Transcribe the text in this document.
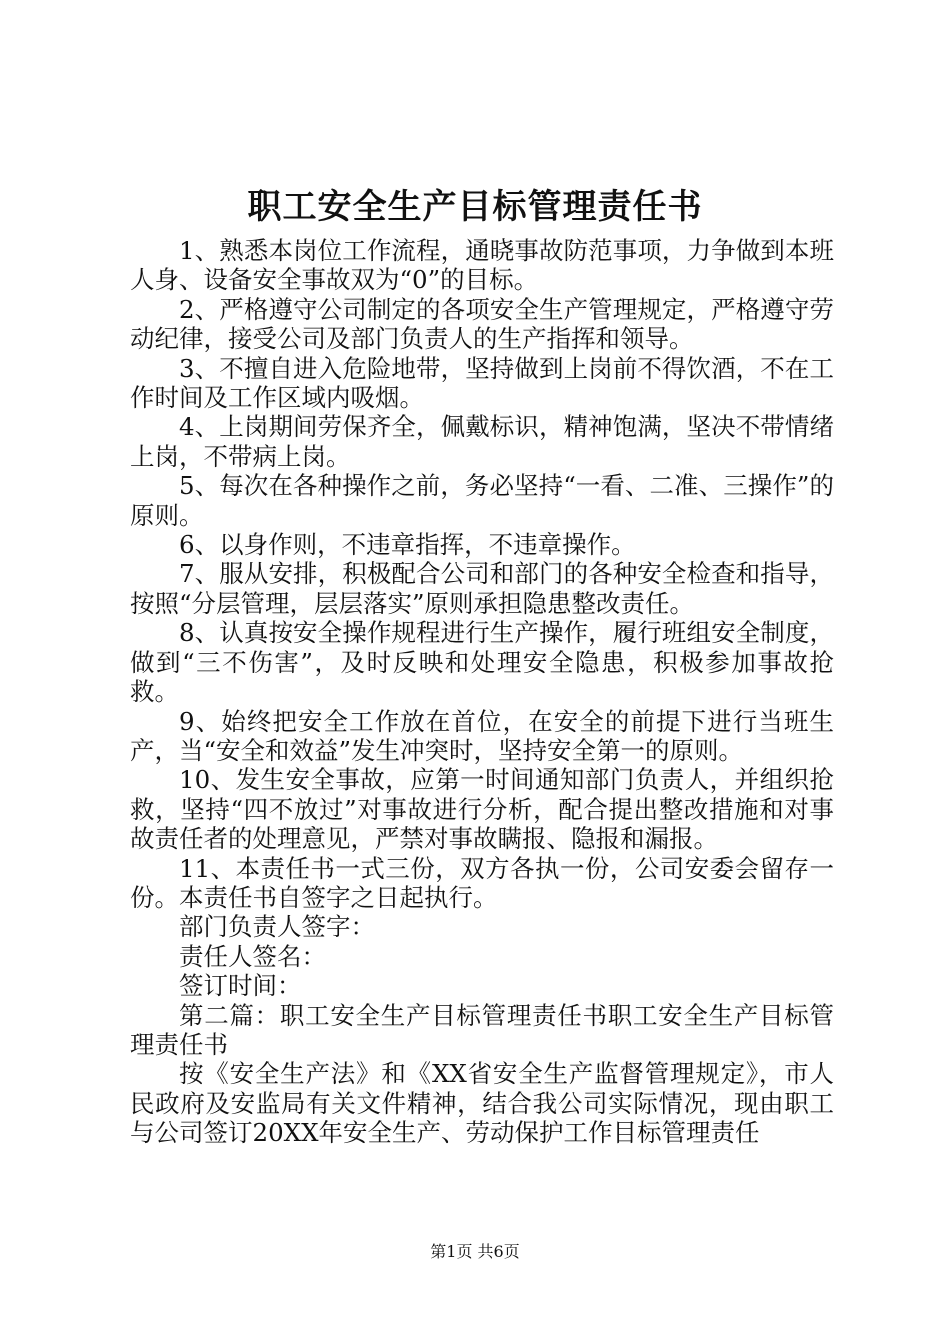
职工安全生产目标管理责任书

1、熟悉本岗位工作流程，通晓事故防范事项，力争做到本班人身、设备安全事故双为“0”的目标。

2、严格遵守公司制定的各项安全生产管理规定，严格遵守劳动纪律，接受公司及部门负责人的生产指挥和领导。

3、不擅自进入危险地带，坚持做到上岗前不得饮酒，不在工作时间及工作区域内吸烟。

4、上岗期间劳保齐全，佩戴标识，精神饱满，坚决不带情绪上岗，不带病上岗。

5、每次在各种操作之前，务必坚持“一看、二准、三操作”的原则。

6、以身作则，不违章指挥，不违章操作。

7、服从安排，积极配合公司和部门的各种安全检查和指导，按照“分层管理，层层落实”原则承担隐患整改责任。

8、认真按安全操作规程进行生产操作，履行班组安全制度，做到“三不伤害”，及时反映和处理安全隐患，积极参加事故抢救。

9、始终把安全工作放在首位，在安全的前提下进行当班生产，当“安全和效益”发生冲突时，坚持安全第一的原则。

10、发生安全事故，应第一时间通知部门负责人，并组织抢救，坚持“四不放过”对事故进行分析，配合提出整改措施和对事故责任者的处理意见，严禁对事故瞒报、隐报和漏报。

11、本责任书一式三份，双方各执一份，公司安委会留存一份。本责任书自签字之日起执行。

部门负责人签字：

责任人签名：

签订时间：

第二篇：职工安全生产目标管理责任书职工安全生产目标管理责任书

按《安全生产法》和《XX省安全生产监督管理规定》，市人民政府及安监局有关文件精神，结合我公司实际情况，现由职工与公司签订20XX年安全生产、劳动保护工作目标管理责任

第1页 共6页
